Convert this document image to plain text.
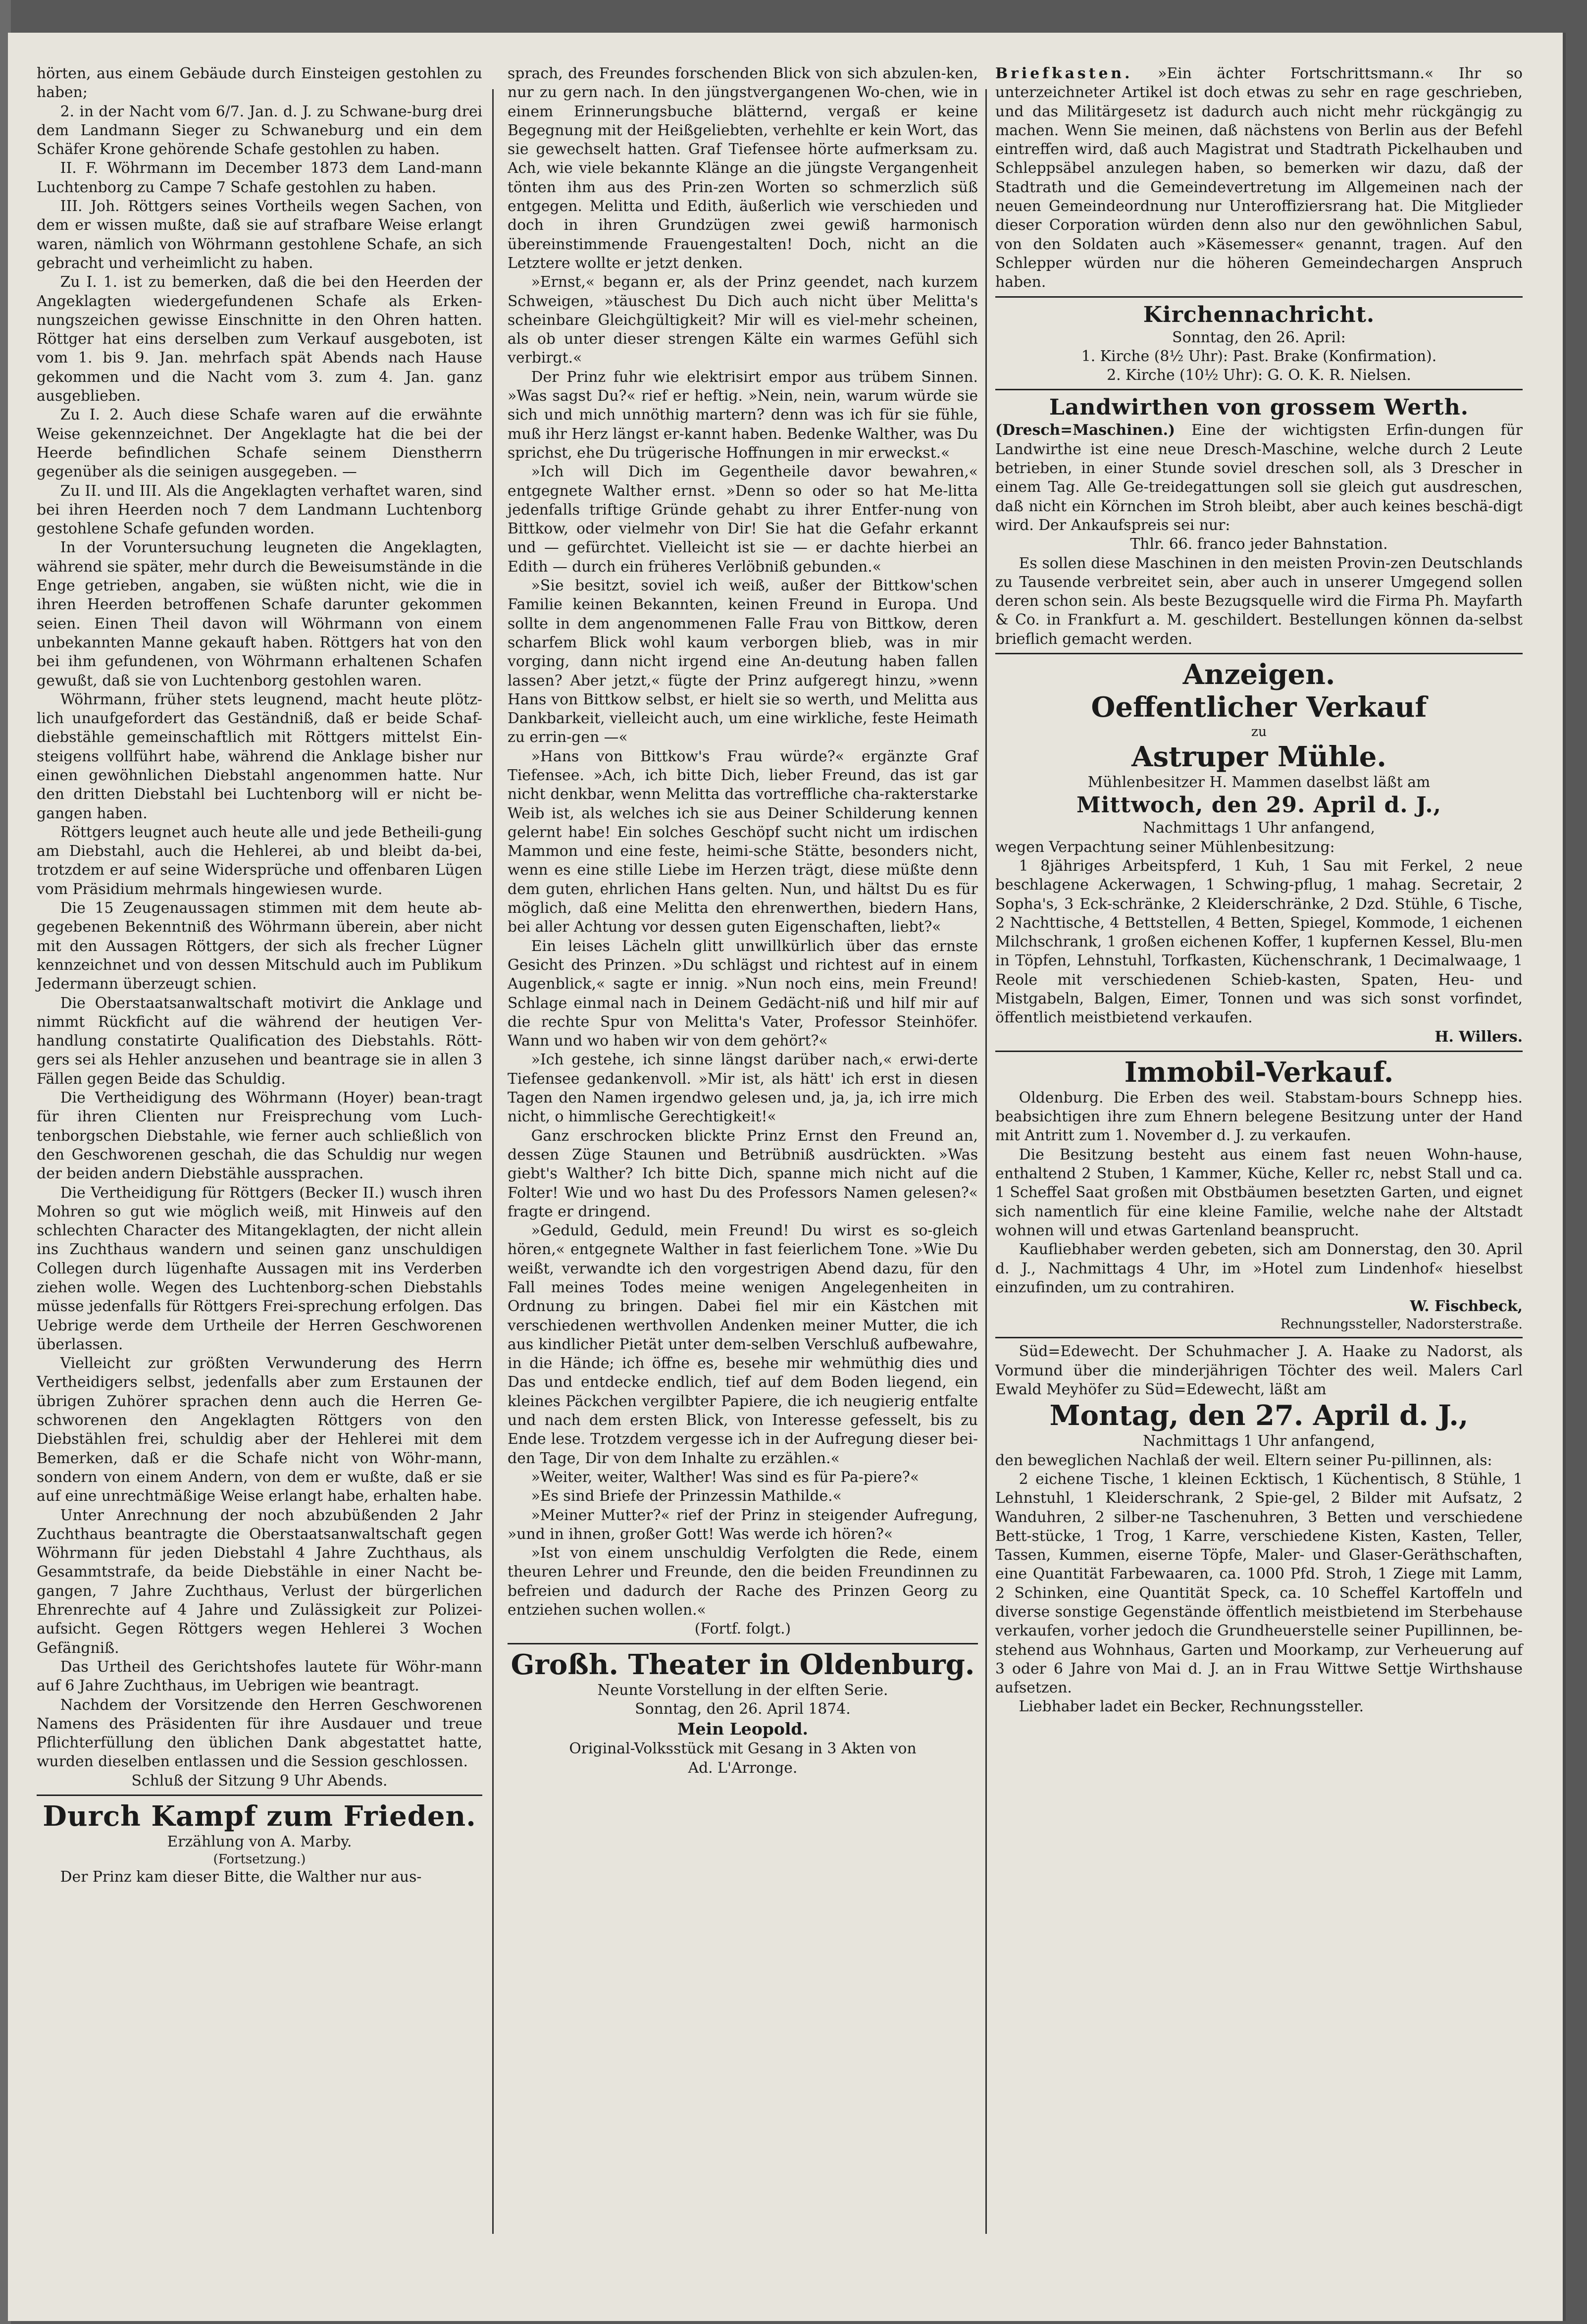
hörten, aus einem Gebäude durch Einsteigen gestohlen zu haben;

2. in der Nacht vom 6/7. Jan. d. J. zu Schwane-burg drei dem Landmann Sieger zu Schwaneburg und ein dem Schäfer Krone gehörende Schafe gestohlen zu haben.

II. F. Wöhrmann im December 1873 dem Land-mann Luchtenborg zu Campe 7 Schafe gestohlen zu haben.

III. Joh. Röttgers seines Vortheils wegen Sachen, von dem er wissen mußte, daß sie auf strafbare Weise erlangt waren, nämlich von Wöhrmann gestohlene Schafe, an sich gebracht und verheimlicht zu haben.

Zu I. 1. ist zu bemerken, daß die bei den Heerden der Angeklagten wiedergefundenen Schafe als Erken-nungszeichen gewisse Einschnitte in den Ohren hatten. Röttger hat eins derselben zum Verkauf ausgeboten, ist vom 1. bis 9. Jan. mehrfach spät Abends nach Hause gekommen und die Nacht vom 3. zum 4. Jan. ganz ausgeblieben.

Zu I. 2. Auch diese Schafe waren auf die erwähnte Weise gekennzeichnet. Der Angeklagte hat die bei der Heerde befindlichen Schafe seinem Dienstherrn gegenüber als die seinigen ausgegeben. —

Zu II. und III. Als die Angeklagten verhaftet waren, sind bei ihren Heerden noch 7 dem Landmann Luchtenborg gestohlene Schafe gefunden worden.

In der Voruntersuchung leugneten die Angeklagten, während sie später, mehr durch die Beweisumstände in die Enge getrieben, angaben, sie wüßten nicht, wie die in ihren Heerden betroffenen Schafe darunter gekommen seien. Einen Theil davon will Wöhrmann von einem unbekannten Manne gekauft haben. Röttgers hat von den bei ihm gefundenen, von Wöhrmann erhaltenen Schafen gewußt, daß sie von Luchtenborg gestohlen waren.

Wöhrmann, früher stets leugnend, macht heute plötz-lich unaufgefordert das Geständniß, daß er beide Schaf-diebstähle gemeinschaftlich mit Röttgers mittelst Ein-steigens vollführt habe, während die Anklage bisher nur einen gewöhnlichen Diebstahl angenommen hatte. Nur den dritten Diebstahl bei Luchtenborg will er nicht be-gangen haben.

Röttgers leugnet auch heute alle und jede Betheili-gung am Diebstahl, auch die Hehlerei, ab und bleibt da-bei, trotzdem er auf seine Widersprüche und offenbaren Lügen vom Präsidium mehrmals hingewiesen wurde.

Die 15 Zeugenaussagen stimmen mit dem heute ab-gegebenen Bekenntniß des Wöhrmann überein, aber nicht mit den Aussagen Röttgers, der sich als frecher Lügner kennzeichnet und von dessen Mitschuld auch im Publikum Jedermann überzeugt schien.

Die Oberstaatsanwaltschaft motivirt die Anklage und nimmt Rückficht auf die während der heutigen Ver-handlung constatirte Qualification des Diebstahls. Rött-gers sei als Hehler anzusehen und beantrage sie in allen 3 Fällen gegen Beide das Schuldig.

Die Vertheidigung des Wöhrmann (Hoyer) bean-tragt für ihren Clienten nur Freisprechung vom Luch-tenborgschen Diebstahle, wie ferner auch schließlich von den Geschworenen geschah, die das Schuldig nur wegen der beiden andern Diebstähle aussprachen.

Die Vertheidigung für Röttgers (Becker II.) wusch ihren Mohren so gut wie möglich weiß, mit Hinweis auf den schlechten Character des Mitangeklagten, der nicht allein ins Zuchthaus wandern und seinen ganz unschuldigen Collegen durch lügenhafte Aussagen mit ins Verderben ziehen wolle. Wegen des Luchtenborg-schen Diebstahls müsse jedenfalls für Röttgers Frei-sprechung erfolgen. Das Uebrige werde dem Urtheile der Herren Geschworenen überlassen.

Vielleicht zur größten Verwunderung des Herrn Vertheidigers selbst, jedenfalls aber zum Erstaunen der übrigen Zuhörer sprachen denn auch die Herren Ge-schworenen den Angeklagten Röttgers von den Diebstählen frei, schuldig aber der Hehlerei mit dem Bemerken, daß er die Schafe nicht von Wöhr-mann, sondern von einem Andern, von dem er wußte, daß er sie auf eine unrechtmäßige Weise erlangt habe, erhalten habe.

Unter Anrechnung der noch abzubüßenden 2 Jahr Zuchthaus beantragte die Oberstaatsanwaltschaft gegen Wöhrmann für jeden Diebstahl 4 Jahre Zuchthaus, als Gesammtstrafe, da beide Diebstähle in einer Nacht be-gangen, 7 Jahre Zuchthaus, Verlust der bürgerlichen Ehrenrechte auf 4 Jahre und Zulässigkeit zur Polizei-aufsicht. Gegen Röttgers wegen Hehlerei 3 Wochen Gefängniß.

Das Urtheil des Gerichtshofes lautete für Wöhr-mann auf 6 Jahre Zuchthaus, im Uebrigen wie beantragt.

Nachdem der Vorsitzende den Herren Geschworenen Namens des Präsidenten für ihre Ausdauer und treue Pflichterfüllung den üblichen Dank abgestattet hatte, wurden dieselben entlassen und die Session geschlossen.

Schluß der Sitzung 9 Uhr Abends.

Durch Kampf zum Frieden.

Erzählung von A. Marby.

(Fortsetzung.)

Der Prinz kam dieser Bitte, die Walther nur aus-

sprach, des Freundes forschenden Blick von sich abzulen-ken, nur zu gern nach. In den jüngstvergangenen Wo-chen, wie in einem Erinnerungsbuche blätternd, vergaß er keine Begegnung mit der Heißgeliebten, verhehlte er kein Wort, das sie gewechselt hatten. Graf Tiefensee hörte aufmerksam zu. Ach, wie viele bekannte Klänge an die jüngste Vergangenheit tönten ihm aus des Prin-zen Worten so schmerzlich süß entgegen. Melitta und Edith, äußerlich wie verschieden und doch in ihren Grundzügen zwei gewiß harmonisch übereinstimmende Frauengestalten! Doch, nicht an die Letztere wollte er jetzt denken.

»Ernst,« begann er, als der Prinz geendet, nach kurzem Schweigen, »täuschest Du Dich auch nicht über Melitta's scheinbare Gleichgültigkeit? Mir will es viel-mehr scheinen, als ob unter dieser strengen Kälte ein warmes Gefühl sich verbirgt.«

Der Prinz fuhr wie elektrisirt empor aus trübem Sinnen. »Was sagst Du?« rief er heftig. »Nein, nein, warum würde sie sich und mich unnöthig martern? denn was ich für sie fühle, muß ihr Herz längst er-kannt haben. Bedenke Walther, was Du sprichst, ehe Du trügerische Hoffnungen in mir erweckst.«

»Ich will Dich im Gegentheile davor bewahren,« entgegnete Walther ernst. »Denn so oder so hat Me-litta jedenfalls triftige Gründe gehabt zu ihrer Entfer-nung von Bittkow, oder vielmehr von Dir! Sie hat die Gefahr erkannt und — gefürchtet. Vielleicht ist sie — er dachte hierbei an Edith — durch ein früheres Verlöbniß gebunden.«

»Sie besitzt, soviel ich weiß, außer der Bittkow'schen Familie keinen Bekannten, keinen Freund in Europa. Und sollte in dem angenommenen Falle Frau von Bittkow, deren scharfem Blick wohl kaum verborgen blieb, was in mir vorging, dann nicht irgend eine An-deutung haben fallen lassen? Aber jetzt,« fügte der Prinz aufgeregt hinzu, »wenn Hans von Bittkow selbst, er hielt sie so werth, und Melitta aus Dankbarkeit, vielleicht auch, um eine wirkliche, feste Heimath zu errin-gen —«

»Hans von Bittkow's Frau würde?« ergänzte Graf Tiefensee. »Ach, ich bitte Dich, lieber Freund, das ist gar nicht denkbar, wenn Melitta das vortreffliche cha-rakterstarke Weib ist, als welches ich sie aus Deiner Schilderung kennen gelernt habe! Ein solches Geschöpf sucht nicht um irdischen Mammon und eine feste, heimi-sche Stätte, besonders nicht, wenn es eine stille Liebe im Herzen trägt, diese müßte denn dem guten, ehrlichen Hans gelten. Nun, und hältst Du es für möglich, daß eine Melitta den ehrenwerthen, biedern Hans, bei aller Achtung vor dessen guten Eigenschaften, liebt?«

Ein leises Lächeln glitt unwillkürlich über das ernste Gesicht des Prinzen. »Du schlägst und richtest auf in einem Augenblick,« sagte er innig. »Nun noch eins, mein Freund! Schlage einmal nach in Deinem Gedächt-niß und hilf mir auf die rechte Spur von Melitta's Vater, Professor Steinhöfer. Wann und wo haben wir von dem gehört?«

»Ich gestehe, ich sinne längst darüber nach,« erwi-derte Tiefensee gedankenvoll. »Mir ist, als hätt' ich erst in diesen Tagen den Namen irgendwo gelesen und, ja, ja, ich irre mich nicht, o himmlische Gerechtigkeit!«

Ganz erschrocken blickte Prinz Ernst den Freund an, dessen Züge Staunen und Betrübniß ausdrückten. »Was giebt's Walther? Ich bitte Dich, spanne mich nicht auf die Folter! Wie und wo hast Du des Professors Namen gelesen?« fragte er dringend.

»Geduld, Geduld, mein Freund! Du wirst es so-gleich hören,« entgegnete Walther in fast feierlichem Tone. »Wie Du weißt, verwandte ich den vorgestrigen Abend dazu, für den Fall meines Todes meine wenigen Angelegenheiten in Ordnung zu bringen. Dabei fiel mir ein Kästchen mit verschiedenen werthvollen Andenken meiner Mutter, die ich aus kindlicher Pietät unter dem-selben Verschluß aufbewahre, in die Hände; ich öffne es, besehe mir wehmüthig dies und Das und entdecke endlich, tief auf dem Boden liegend, ein kleines Päckchen vergilbter Papiere, die ich neugierig entfalte und nach dem ersten Blick, von Interesse gefesselt, bis zu Ende lese. Trotzdem vergesse ich in der Aufregung dieser bei-den Tage, Dir von dem Inhalte zu erzählen.«

»Weiter, weiter, Walther! Was sind es für Pa-piere?«

»Es sind Briefe der Prinzessin Mathilde.«

»Meiner Mutter?« rief der Prinz in steigender Aufregung, »und in ihnen, großer Gott! Was werde ich hören?«

»Ist von einem unschuldig Verfolgten die Rede, einem theuren Lehrer und Freunde, den die beiden Freundinnen zu befreien und dadurch der Rache des Prinzen Georg zu entziehen suchen wollen.«

(Fortf. folgt.)

Großh. Theater in Oldenburg.

Neunte Vorstellung in der elften Serie.

Sonntag, den 26. April 1874.

Mein Leopold.

Original-Volksstück mit Gesang in 3 Akten von

Ad. L'Arronge.

Briefkasten. »Ein ächter Fortschrittsmann.« Ihr so unterzeichneter Artikel ist doch etwas zu sehr en rage geschrieben, und das Militärgesetz ist dadurch auch nicht mehr rückgängig zu machen. Wenn Sie meinen, daß nächstens von Berlin aus der Befehl eintreffen wird, daß auch Magistrat und Stadtrath Pickelhauben und Schleppsäbel anzulegen haben, so bemerken wir dazu, daß der Stadtrath und die Gemeindevertretung im Allgemeinen nach der neuen Gemeindeordnung nur Unteroffiziersrang hat. Die Mitglieder dieser Corporation würden denn also nur den gewöhnlichen Sabul, von den Soldaten auch »Käsemesser« genannt, tragen. Auf den Schlepper würden nur die höheren Gemeindechargen Anspruch haben.

Kirchennachricht.

Sonntag, den 26. April:

1. Kirche (8½ Uhr): Past. Brake (Konfirmation).

2. Kirche (10½ Uhr): G. O. K. R. Nielsen.

Landwirthen von grossem Werth.

(Dresch=Maschinen.) Eine der wichtigsten Erfin-dungen für Landwirthe ist eine neue Dresch-Maschine, welche durch 2 Leute betrieben, in einer Stunde soviel dreschen soll, als 3 Drescher in einem Tag. Alle Ge-treidegattungen soll sie gleich gut ausdreschen, daß nicht ein Körnchen im Stroh bleibt, aber auch keines beschä-digt wird. Der Ankaufspreis sei nur:

Thlr. 66. franco jeder Bahnstation.

Es sollen diese Maschinen in den meisten Provin-zen Deutschlands zu Tausende verbreitet sein, aber auch in unserer Umgegend sollen deren schon sein. Als beste Bezugsquelle wird die Firma Ph. Mayfarth & Co. in Frankfurt a. M. geschildert. Bestellungen können da-selbst brieflich gemacht werden.

Anzeigen.
Oeffentlicher Verkauf

zu

Astruper Mühle.

Mühlenbesitzer H. Mammen daselbst läßt am

Mittwoch, den 29. April d. J.,

Nachmittags 1 Uhr anfangend,

wegen Verpachtung seiner Mühlenbesitzung:

1 8jähriges Arbeitspferd, 1 Kuh, 1 Sau mit Ferkel, 2 neue beschlagene Ackerwagen, 1 Schwing-pflug, 1 mahag. Secretair, 2 Sopha's, 3 Eck-schränke, 2 Kleiderschränke, 2 Dzd. Stühle, 6 Tische, 2 Nachttische, 4 Bettstellen, 4 Betten, Spiegel, Kommode, 1 eichenen Milchschrank, 1 großen eichenen Koffer, 1 kupfernen Kessel, Blu-men in Töpfen, Lehnstuhl, Torfkasten, Küchenschrank, 1 Decimalwaage, 1 Reole mit verschiedenen Schieb-kasten, Spaten, Heu- und Mistgabeln, Balgen, Eimer, Tonnen und was sich sonst vorfindet, öffentlich meistbietend verkaufen.

H. Willers.

Immobil-Verkauf.

Oldenburg. Die Erben des weil. Stabstam-bours Schnepp hies. beabsichtigen ihre zum Ehnern belegene Besitzung unter der Hand mit Antritt zum 1. November d. J. zu verkaufen.

Die Besitzung besteht aus einem fast neuen Wohn-hause, enthaltend 2 Stuben, 1 Kammer, Küche, Keller rc, nebst Stall und ca. 1 Scheffel Saat großen mit Obstbäumen besetzten Garten, und eignet sich namentlich für eine kleine Familie, welche nahe der Altstadt wohnen will und etwas Gartenland beansprucht.

Kaufliebhaber werden gebeten, sich am Donnerstag, den 30. April d. J., Nachmittags 4 Uhr, im »Hotel zum Lindenhof« hieselbst einzufinden, um zu contrahiren.

W. Fischbeck,

Rechnungssteller, Nadorsterstraße.

Süd=Edewecht. Der Schuhmacher J. A. Haake zu Nadorst, als Vormund über die minderjährigen Töchter des weil. Malers Carl Ewald Meyhöfer zu Süd=Edewecht, läßt am

Montag, den 27. April d. J.,

Nachmittags 1 Uhr anfangend,

den beweglichen Nachlaß der weil. Eltern seiner Pu-pillinnen, als:

2 eichene Tische, 1 kleinen Ecktisch, 1 Küchentisch, 8 Stühle, 1 Lehnstuhl, 1 Kleiderschrank, 2 Spie-gel, 2 Bilder mit Aufsatz, 2 Wanduhren, 2 silber-ne Taschenuhren, 3 Betten und verschiedene Bett-stücke, 1 Trog, 1 Karre, verschiedene Kisten, Kasten, Teller, Tassen, Kummen, eiserne Töpfe, Maler- und Glaser-Geräthschaften, eine Quantität Farbewaaren, ca. 1000 Pfd. Stroh, 1 Ziege mit Lamm, 2 Schinken, eine Quantität Speck, ca. 10 Scheffel Kartoffeln und diverse sonstige Gegenstände öffentlich meistbietend im Sterbehause verkaufen, vorher jedoch die Grundheuerstelle seiner Pupillinnen, be-stehend aus Wohnhaus, Garten und Moorkamp, zur Verheuerung auf 3 oder 6 Jahre von Mai d. J. an in Frau Wittwe Settje Wirthshause aufsetzen.

Liebhaber ladet ein Becker, Rechnungssteller.
